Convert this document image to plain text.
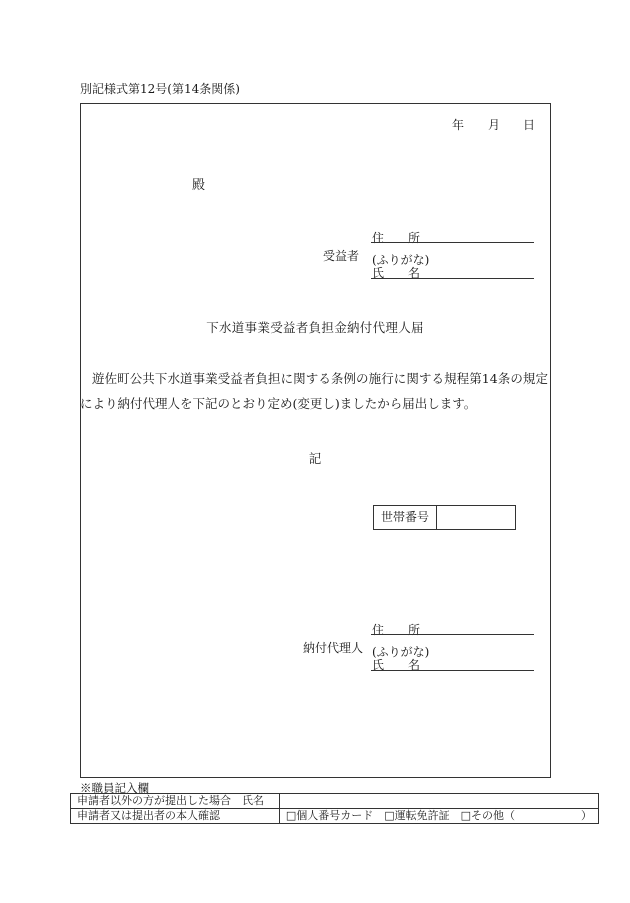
別記様式第12号(第14条関係)
年 月 日
殿
受益者
住　　所
(ふりがな)
氏　　名
下水道事業受益者負担金納付代理人届

遊佐町公共下水道事業受益者負担に関する条例の施行に関する規程第14条の規定により納付代理人を下記のとおり定め(変更し)ましたから届出します。

記
世帯番号
納付代理人
住　　所
(ふりがな)
氏　　名
※職員記入欄
申請者以外の方が提出した場合　氏名	
申請者又は提出者の本人確認	□個人番号カード　□運転免許証　□その他（　　　　　　）
